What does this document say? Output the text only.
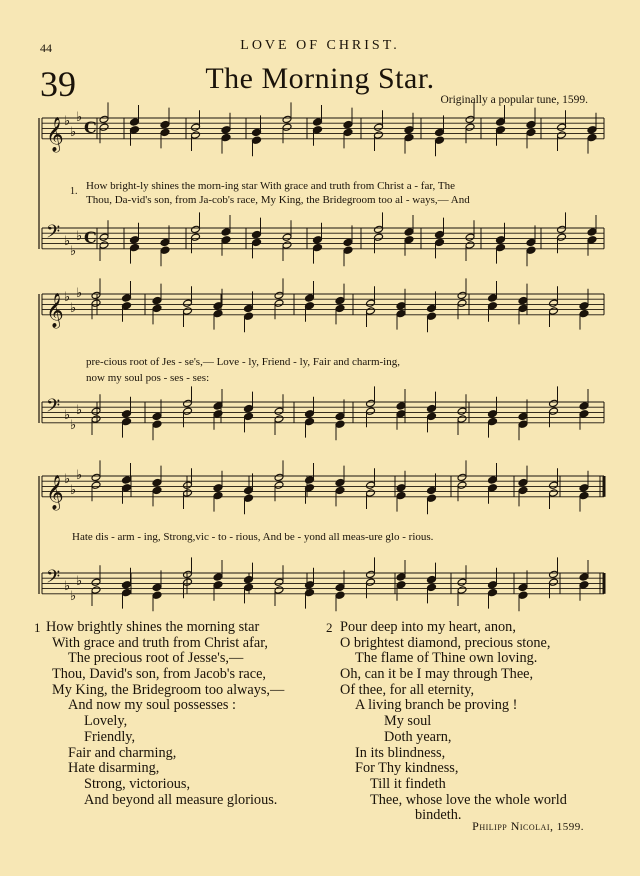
44	LOVE OF CHRIST.
39	The Morning Star.
Originally a popular tune, 1599.
𝄞 ♭
♭
♭
C
𝄢 ♭
♭
♭ C
𝄞 ♭
♭
♭
𝄢 ♭
♭
♭
𝄞 ♭
♭
♭
𝄢 ♭
♭
♭
1. How bright-ly shines the morn-ing star With grace and truth from Christ a - far, The
Thou, Da-vid's son, from Ja-cob's race, My King, the Bridegroom too al - ways,— And
pre-cious root of Jes - se's,— Love - ly, Friend - ly, Fair and charm-ing,
now my soul pos - ses - ses:
Hate dis - arm - ing, Strong,vic - to - rious, And be - yond all meas-ure glo - rious.
1 How brightly shines the morning star
With grace and truth from Christ afar,
The precious root of Jesse's,—
Thou, David's son, from Jacob's race,
My King, the Bridegroom too always,—
And now my soul possesses :
Lovely,
Friendly,
Fair and charming,
Hate disarming,
Strong, victorious,
And beyond all measure glorious.
2 Pour deep into my heart, anon,
O brightest diamond, precious stone,
The flame of Thine own loving.
Oh, can it be I may through Thee,
Of thee, for all eternity,
A living branch be proving !
My soul
Doth yearn,
In its blindness,
For Thy kindness,
Till it findeth
Thee, whose love the whole world
bindeth.
Philipp Nicolai, 1599.
